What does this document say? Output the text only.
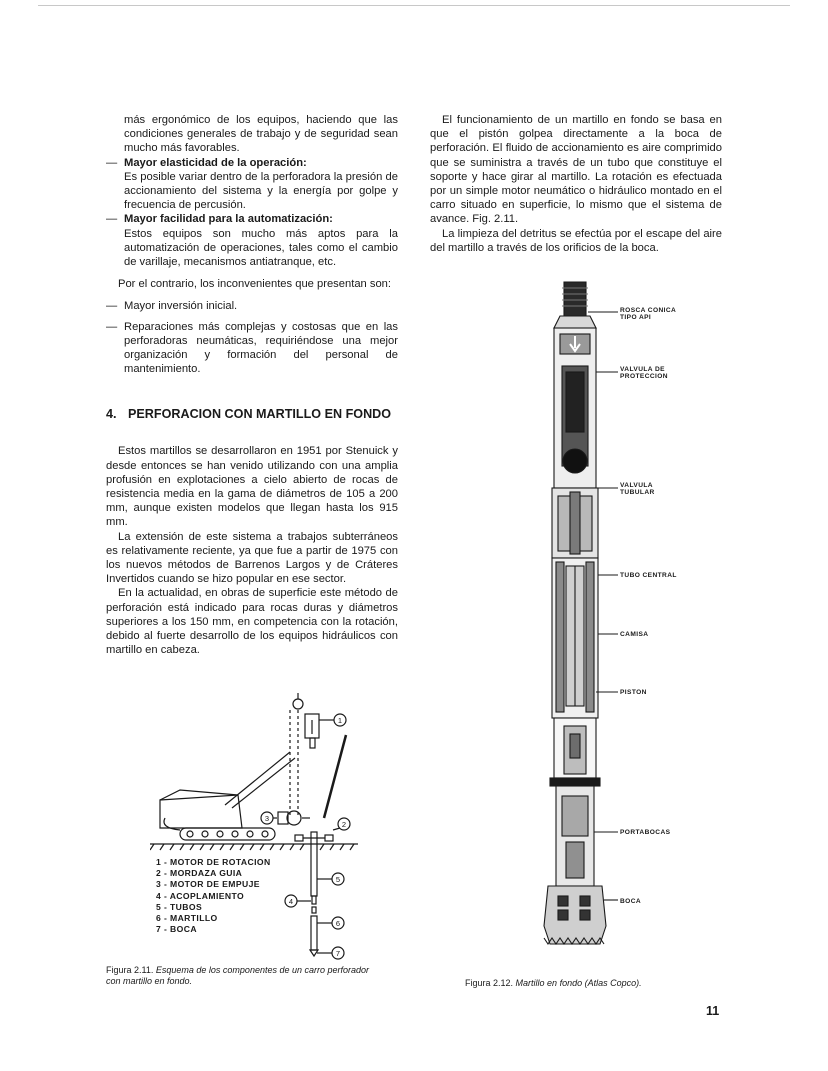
más ergonómico de los equipos, haciendo que las condiciones generales de trabajo y de seguridad sean mucho más favorables.

— Mayor elasticidad de la operación:
Es posible variar dentro de la perforadora la presión de accionamiento del sistema y la energía por golpe y frecuencia de percusión.
— Mayor facilidad para la automatización:
Estos equipos son mucho más aptos para la automatización de operaciones, tales como el cambio de varillaje, mecanismos antiatranque, etc.

Por el contrario, los inconvenientes que presentan son:

— Mayor inversión inicial.
— Reparaciones más complejas y costosas que en las perforadoras neumáticas, requiriéndose una mejor organización y formación del personal de mantenimiento.
4. PERFORACION CON MARTILLO EN FONDO

Estos martillos se desarrollaron en 1951 por Stenuick y desde entonces se han venido utilizando con una amplia profusión en explotaciones a cielo abierto de rocas de resistencia media en la gama de diámetros de 105 a 200 mm, aunque existen modelos que llegan hasta los 915 mm.

La extensión de este sistema a trabajos subterráneos es relativamente reciente, ya que fue a partir de 1975 con los nuevos métodos de Barrenos Largos y de Cráteres Invertidos cuando se hizo popular en ese sector.

En la actualidad, en obras de superficie este método de perforación está indicado para rocas duras y diámetros superiores a los 150 mm, en competencia con la rotación, debido al fuerte desarrollo de los equipos hidráulicos con martillo en cabeza.

El funcionamiento de un martillo en fondo se basa en que el pistón golpea directamente a la boca de perforación. El fluido de accionamiento es aire comprimido que se suministra a través de un tubo que constituye el soporte y hace girar al martillo. La rotación es efectuada por un simple motor neumático o hidráulico montado en el carro situado en superficie, lo mismo que el sistema de avance. Fig. 2.11.

La limpieza del detritus se efectúa por el escape del aire del martillo a través de los orificios de la boca.

1
2
3
4
5
6
7
1 - MOTOR DE ROTACION
2 - MORDAZA GUIA
3 - MOTOR DE EMPUJE
4 - ACOPLAMIENTO
5 - TUBOS
6 - MARTILLO
7 - BOCA
Figura 2.11. Esquema de los componentes de un carro perforador con martillo en fondo.
ROSCA CONICA
TIPO API
VALVULA DE
PROTECCION
VALVULA
TUBULAR
TUBO CENTRAL
CAMISA
PISTON
PORTABOCAS
BOCA
Figura 2.12. Martillo en fondo (Atlas Copco).
11
